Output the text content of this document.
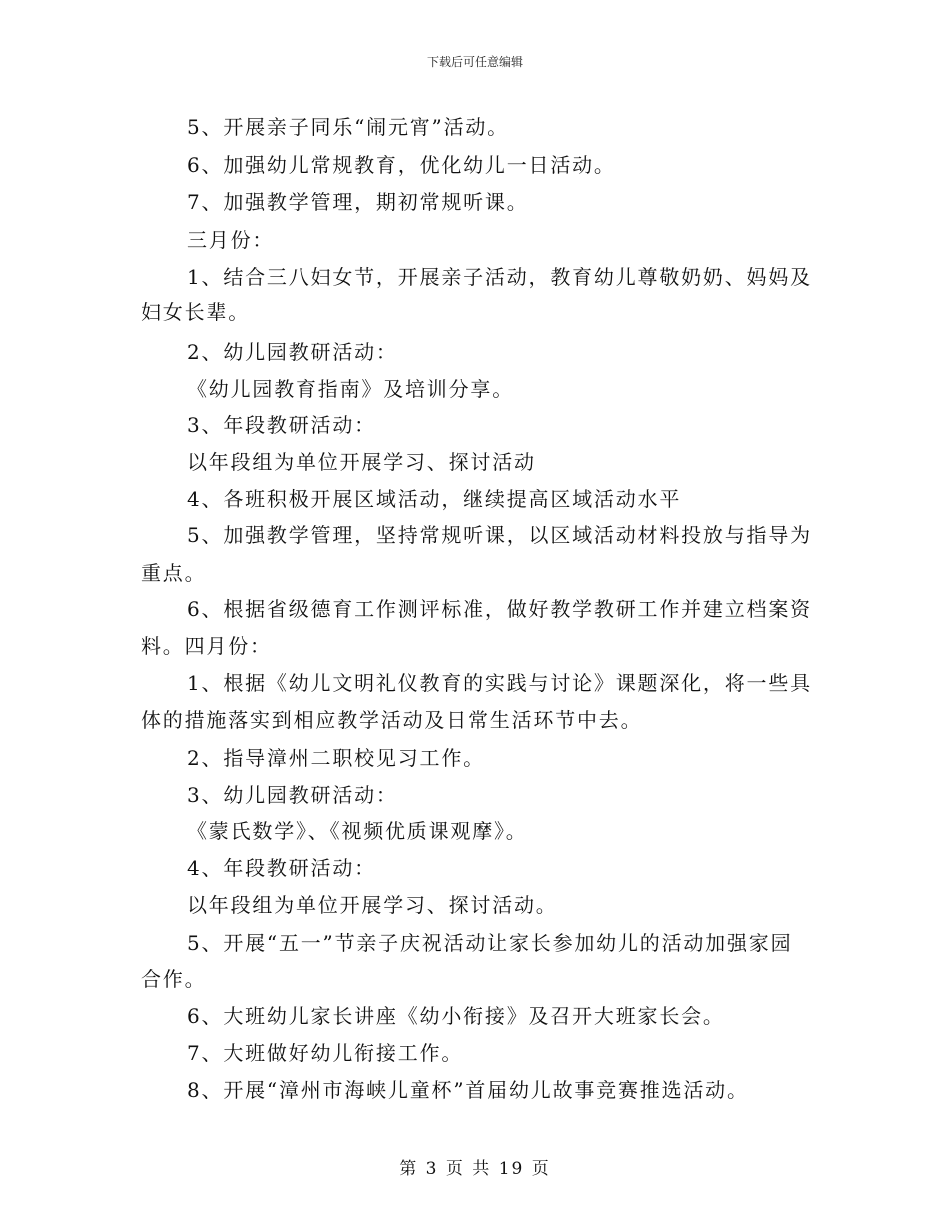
下载后可任意编辑
5、开展亲子同乐“闹元宵”活动。
6、加强幼儿常规教育，优化幼儿一日活动。
7、加强教学管理，期初常规听课。
三月份：
1、结合三八妇女节，开展亲子活动，教育幼儿尊敬奶奶、妈妈及
妇女长辈。
2、幼儿园教研活动：
《幼儿园教育指南》及培训分享。
3、年段教研活动：
以年段组为单位开展学习、探讨活动
4、各班积极开展区域活动，继续提高区域活动水平
5、加强教学管理，坚持常规听课，以区域活动材料投放与指导为
重点。
6、根据省级德育工作测评标准，做好教学教研工作并建立档案资
料。四月份：
1、根据《幼儿文明礼仪教育的实践与讨论》课题深化，将一些具
体的措施落实到相应教学活动及日常生活环节中去。
2、指导漳州二职校见习工作。
3、幼儿园教研活动：
《蒙氏数学》、《视频优质课观摩》。
4、年段教研活动：
以年段组为单位开展学习、探讨活动。
5、开展“五一”节亲子庆祝活动让家长参加幼儿的活动加强家园
合作。
6、大班幼儿家长讲座《幼小衔接》及召开大班家长会。
7、大班做好幼儿衔接工作。
8、开展“漳州市海峡儿童杯”首届幼儿故事竞赛推选活动。
第 3 页 共 19 页
